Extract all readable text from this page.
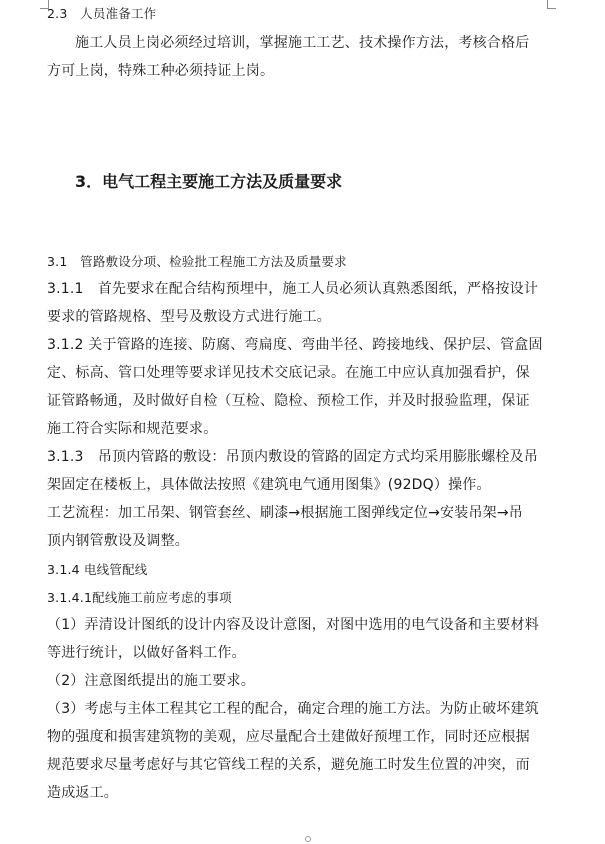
2.3　人员准备工作
施工人员上岗必须经过培训，掌握施工工艺、技术操作方法，考核合格后
方可上岗，特殊工种必须持证上岗。
3．电气工程主要施工方法及质量要求
3.1　管路敷设分项、检验批工程施工方法及质量要求
3.1.1　首先要求在配合结构预埋中，施工人员必须认真熟悉图纸，严格按设计
要求的管路规格、型号及敷设方式进行施工。
3.1.2 关于管路的连接、防腐、弯扁度、弯曲半径、跨接地线、保护层、管盒固
定、标高、管口处理等要求详见技术交底记录。在施工中应认真加强看护，保
证管路畅通，及时做好自检（互检、隐检、预检工作，并及时报验监理，保证
施工符合实际和规范要求。
3.1.3　吊顶内管路的敷设：吊顶内敷设的管路的固定方式均采用膨胀螺栓及吊
架固定在楼板上，具体做法按照《建筑电气通用图集》(92DQ）操作。
工艺流程：加工吊架、钢管套丝、刷漆→根据施工图弹线定位→安装吊架→吊
顶内钢管敷设及调整。
3.1.4 电线管配线
3.1.4.1配线施工前应考虑的事项
（1）弄清设计图纸的设计内容及设计意图，对图中选用的电气设备和主要材料
等进行统计，以做好备料工作。
（2）注意图纸提出的施工要求。
（3）考虑与主体工程其它工程的配合，确定合理的施工方法。为防止破坏建筑
物的强度和损害建筑物的美观，应尽量配合土建做好预埋工作，同时还应根据
规范要求尽量考虑好与其它管线工程的关系，避免施工时发生位置的冲突，而
造成返工。
